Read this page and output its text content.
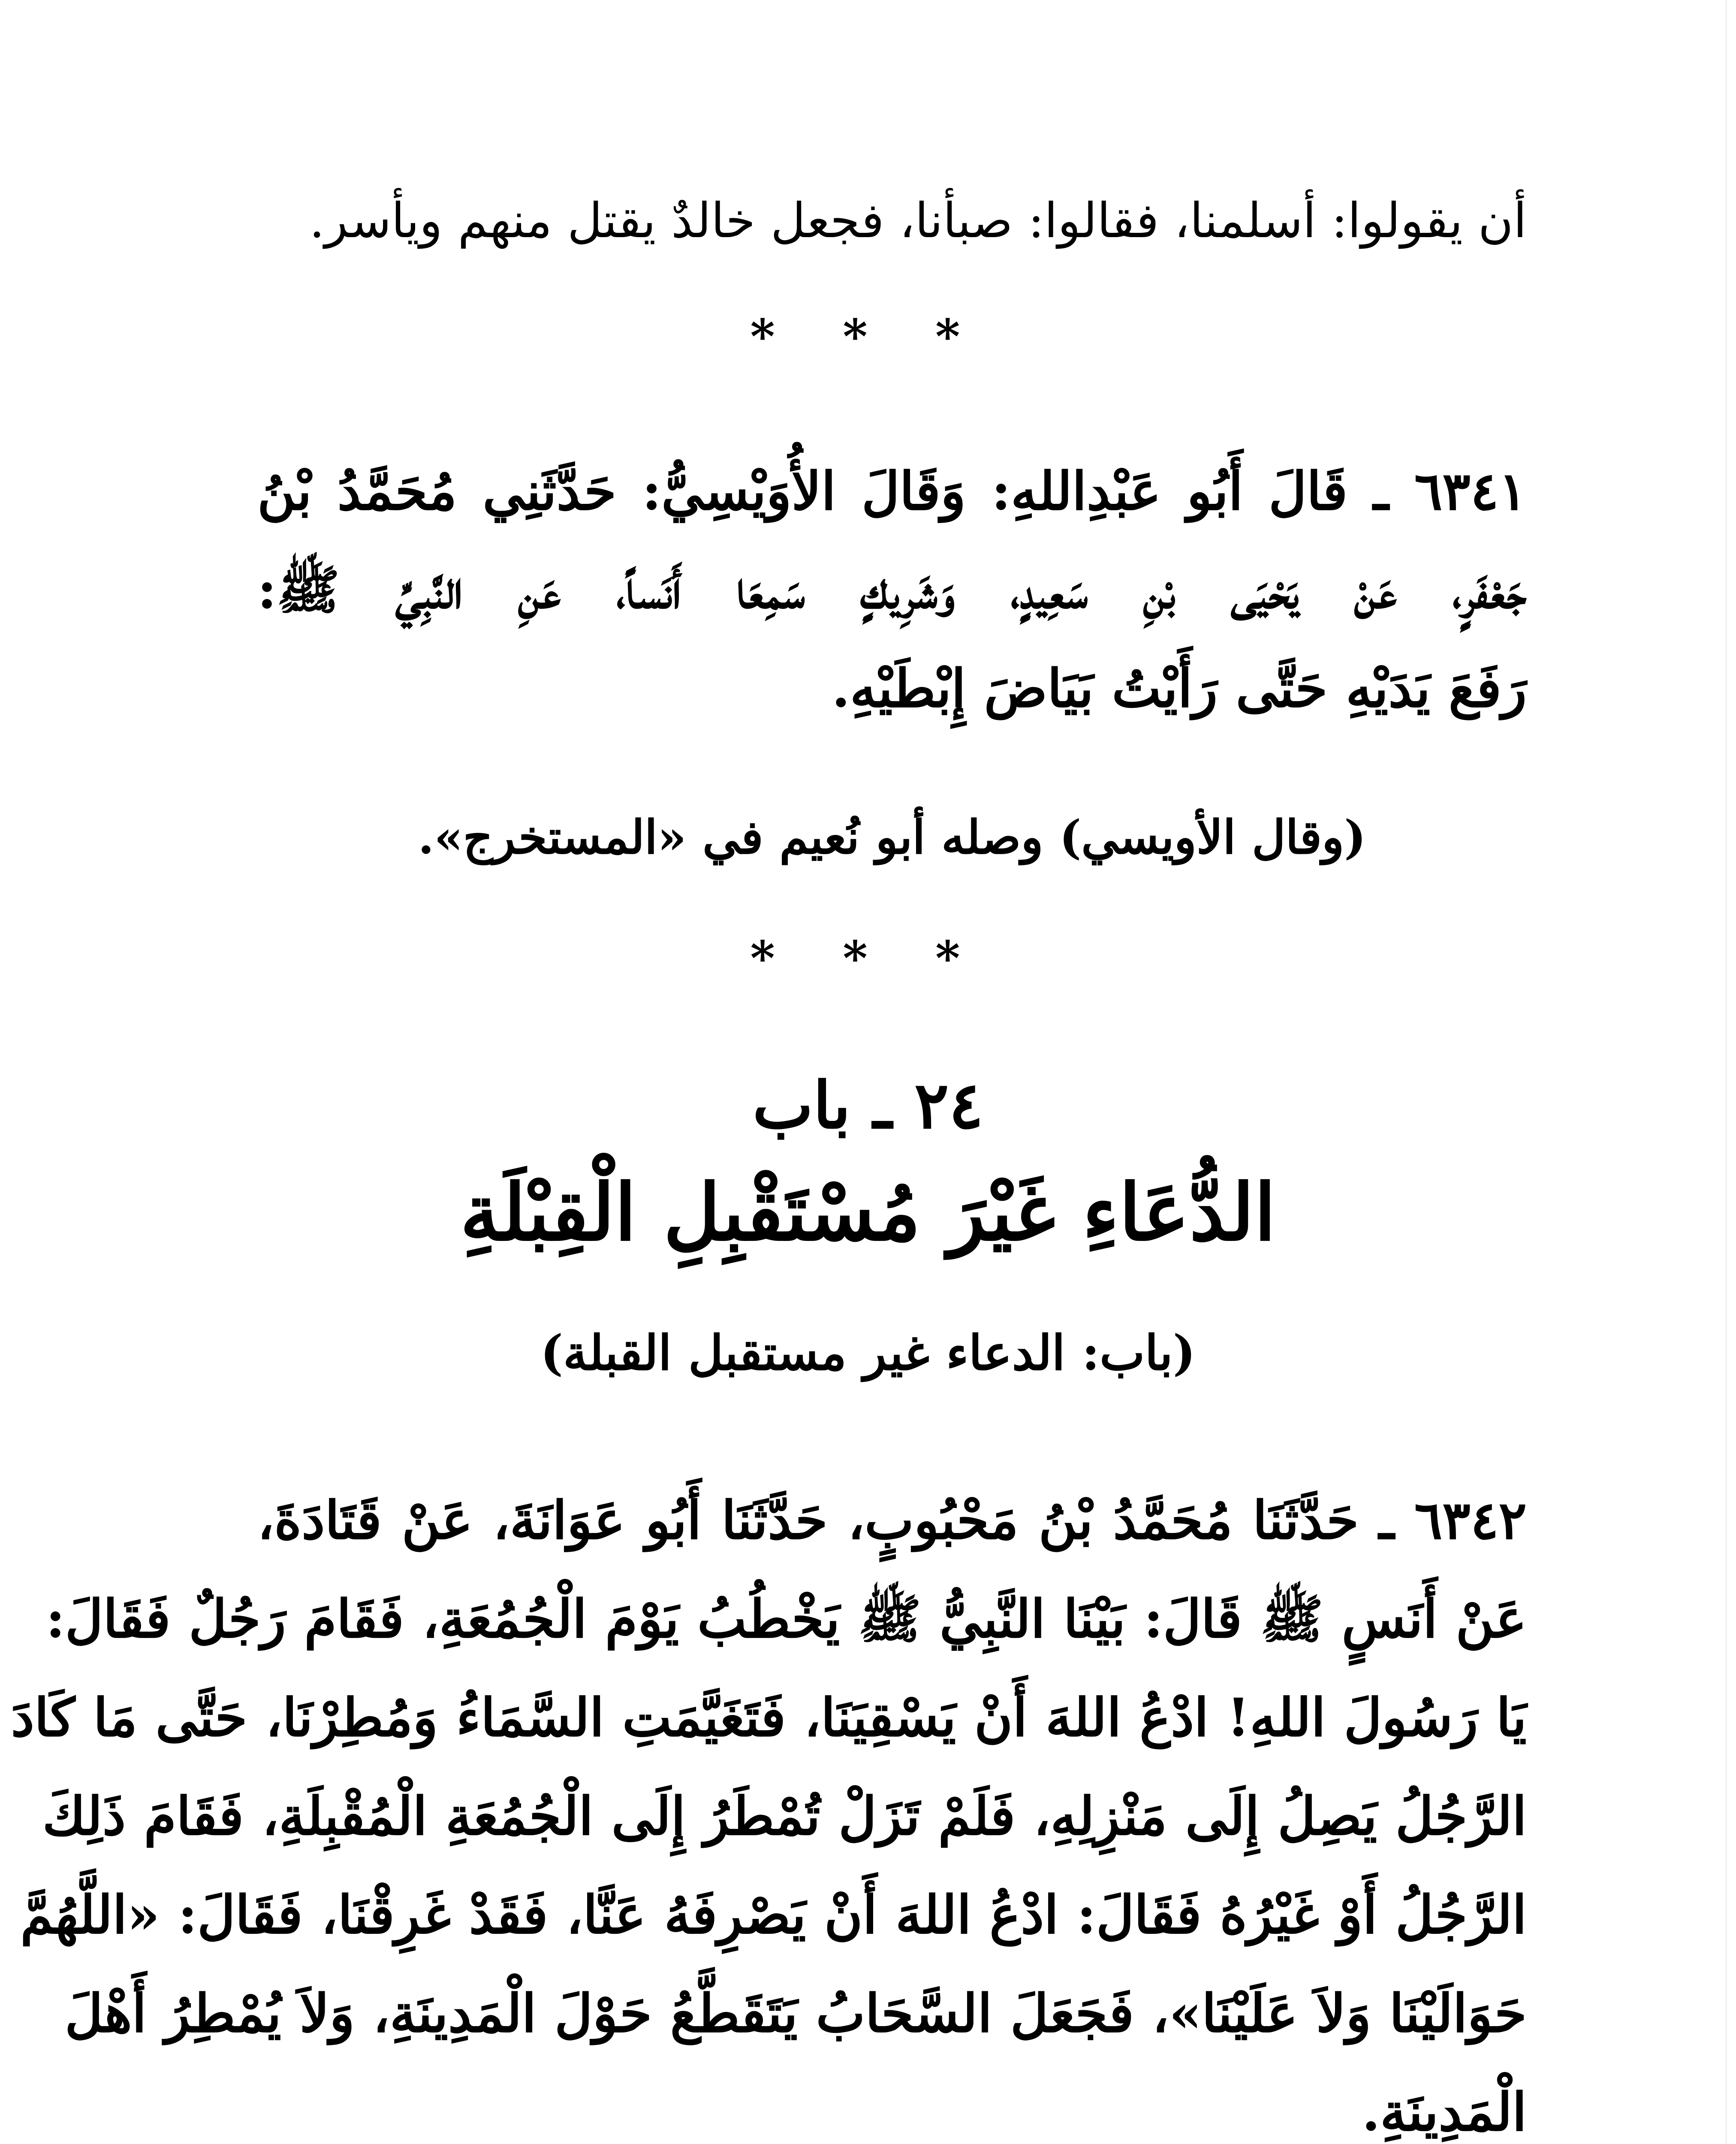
أن يقولوا: أسلمنا، فقالوا: صبأنا، فجعل خالدٌ يقتل منهم ويأسر.
* * *
٦٣٤١ ـ قَالَ أَبُو عَبْدِاللهِ: وَقَالَ الأُوَيْسِيُّ: حَدَّثَنِي مُحَمَّدُ بْنُ
جَعْفَرٍ، عَنْ يَحْيَى بْنِ سَعِيدٍ، وَشَرِيكٍ سَمِعَا أَنَساً، عَنِ النَّبِيِّ ﷺ:
رَفَعَ يَدَيْهِ حَتَّى رَأَيْتُ بَيَاضَ إِبْطَيْهِ.
(وقال الأويسي) وصله أبو نُعيم في «المستخرج».
* * *
٢٤ ـ باب
الدُّعَاءِ غَيْرَ مُسْتَقْبِلِ الْقِبْلَةِ
(باب: الدعاء غير مستقبل القبلة)
٦٣٤٢ ـ حَدَّثَنَا مُحَمَّدُ بْنُ مَحْبُوبٍ، حَدَّثَنَا أَبُو عَوَانَةَ، عَنْ قَتَادَةَ،
عَنْ أَنَسٍ ﷺ قَالَ: بَيْنَا النَّبِيُّ ﷺ يَخْطُبُ يَوْمَ الْجُمُعَةِ، فَقَامَ رَجُلٌ فَقَالَ:
يَا رَسُولَ اللهِ! ادْعُ اللهَ أَنْ يَسْقِيَنَا، فَتَغَيَّمَتِ السَّمَاءُ وَمُطِرْنَا، حَتَّى مَا كَادَ
الرَّجُلُ يَصِلُ إِلَى مَنْزِلِهِ، فَلَمْ تَزَلْ تُمْطَرُ إِلَى الْجُمُعَةِ الْمُقْبِلَةِ، فَقَامَ ذَلِكَ
الرَّجُلُ أَوْ غَيْرُهُ فَقَالَ: ادْعُ اللهَ أَنْ يَصْرِفَهُ عَنَّا، فَقَدْ غَرِقْنَا، فَقَالَ: «اللَّهُمَّ
حَوَالَيْنَا وَلاَ عَلَيْنَا»، فَجَعَلَ السَّحَابُ يَتَقَطَّعُ حَوْلَ الْمَدِينَةِ، وَلاَ يُمْطِرُ أَهْلَ
الْمَدِينَةِ.
